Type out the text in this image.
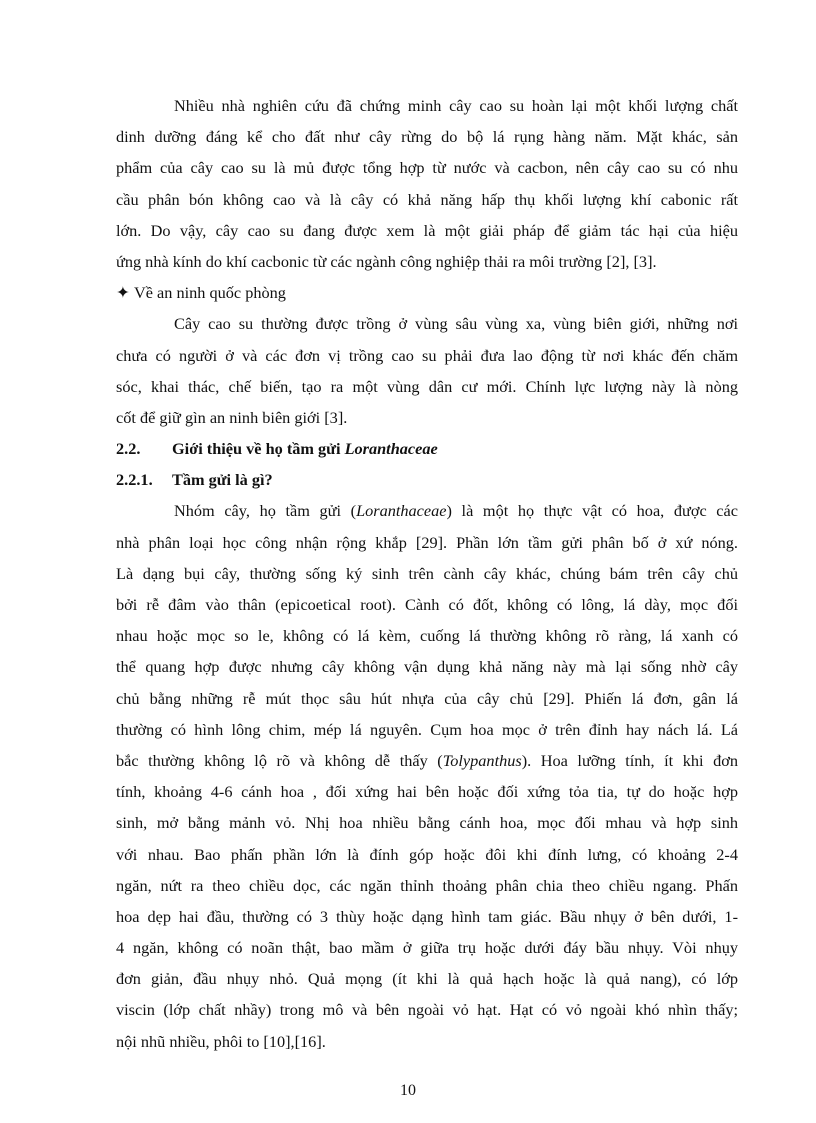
Nhiều nhà nghiên cứu đã chứng minh cây cao su hoàn lại một khối lượng chất
dinh dưỡng đáng kể cho đất như cây rừng do bộ lá rụng hàng năm. Mặt khác, sản
phẩm của cây cao su là mủ được tổng hợp từ nước và cacbon, nên cây cao su có nhu
cầu phân bón không cao và là cây có khả năng hấp thụ khối lượng khí cabonic rất
lớn. Do vậy, cây cao su đang được xem là một giải pháp để giảm tác hại của hiệu
ứng nhà kính do khí cacbonic từ các ngành công nghiệp thải ra môi trường [2], [3].
✦ Về an ninh quốc phòng
Cây cao su thường được trồng ở vùng sâu vùng xa, vùng biên giới, những nơi
chưa có người ở và các đơn vị trồng cao su phải đưa lao động từ nơi khác đến chăm
sóc, khai thác, chế biến, tạo ra một vùng dân cư mới. Chính lực lượng này là nòng
cốt để giữ gìn an ninh biên giới [3].
2.2. Giới thiệu về họ tầm gửi Loranthaceae
2.2.1. Tầm gửi là gì?
Nhóm cây, họ tầm gửi (Loranthaceae) là một họ thực vật có hoa, được các
nhà phân loại học công nhận rộng khắp [29]. Phần lớn tầm gửi phân bố ở xứ nóng.
Là dạng bụi cây, thường sống ký sinh trên cành cây khác, chúng bám trên cây chủ
bởi rễ đâm vào thân (epicoetical root). Cành có đốt, không có lông, lá dày, mọc đối
nhau hoặc mọc so le, không có lá kèm, cuống lá thường không rõ ràng, lá xanh có
thể quang hợp được nhưng cây không vận dụng khả năng này mà lại sống nhờ cây
chủ bằng những rễ mút thọc sâu hút nhựa của cây chủ [29]. Phiến lá đơn, gân lá
thường có hình lông chim, mép lá nguyên. Cụm hoa mọc ở trên đỉnh hay nách lá. Lá
bắc thường không lộ rõ và không dễ thấy (Tolypanthus). Hoa lưỡng tính, ít khi đơn
tính, khoảng 4-6 cánh hoa , đối xứng hai bên hoặc đối xứng tỏa tia, tự do hoặc hợp
sinh, mở bằng mảnh vỏ. Nhị hoa nhiều bằng cánh hoa, mọc đối mhau và hợp sinh
với nhau. Bao phấn phần lớn là đính góp hoặc đôi khi đính lưng, có khoảng 2-4
ngăn, nứt ra theo chiều dọc, các ngăn thỉnh thoảng phân chia theo chiều ngang. Phấn
hoa dẹp hai đầu, thường có 3 thùy hoặc dạng hình tam giác. Bầu nhụy ở bên dưới, 1-
4 ngăn, không có noãn thật, bao mầm ở giữa trụ hoặc dưới đáy bầu nhụy. Vòi nhụy
đơn giản, đầu nhụy nhỏ. Quả mọng (ít khi là quả hạch hoặc là quả nang), có lớp
viscin (lớp chất nhầy) trong mô và bên ngoài vỏ hạt. Hạt có vỏ ngoài khó nhìn thấy;
nội nhũ nhiều, phôi to [10],[16].
10
